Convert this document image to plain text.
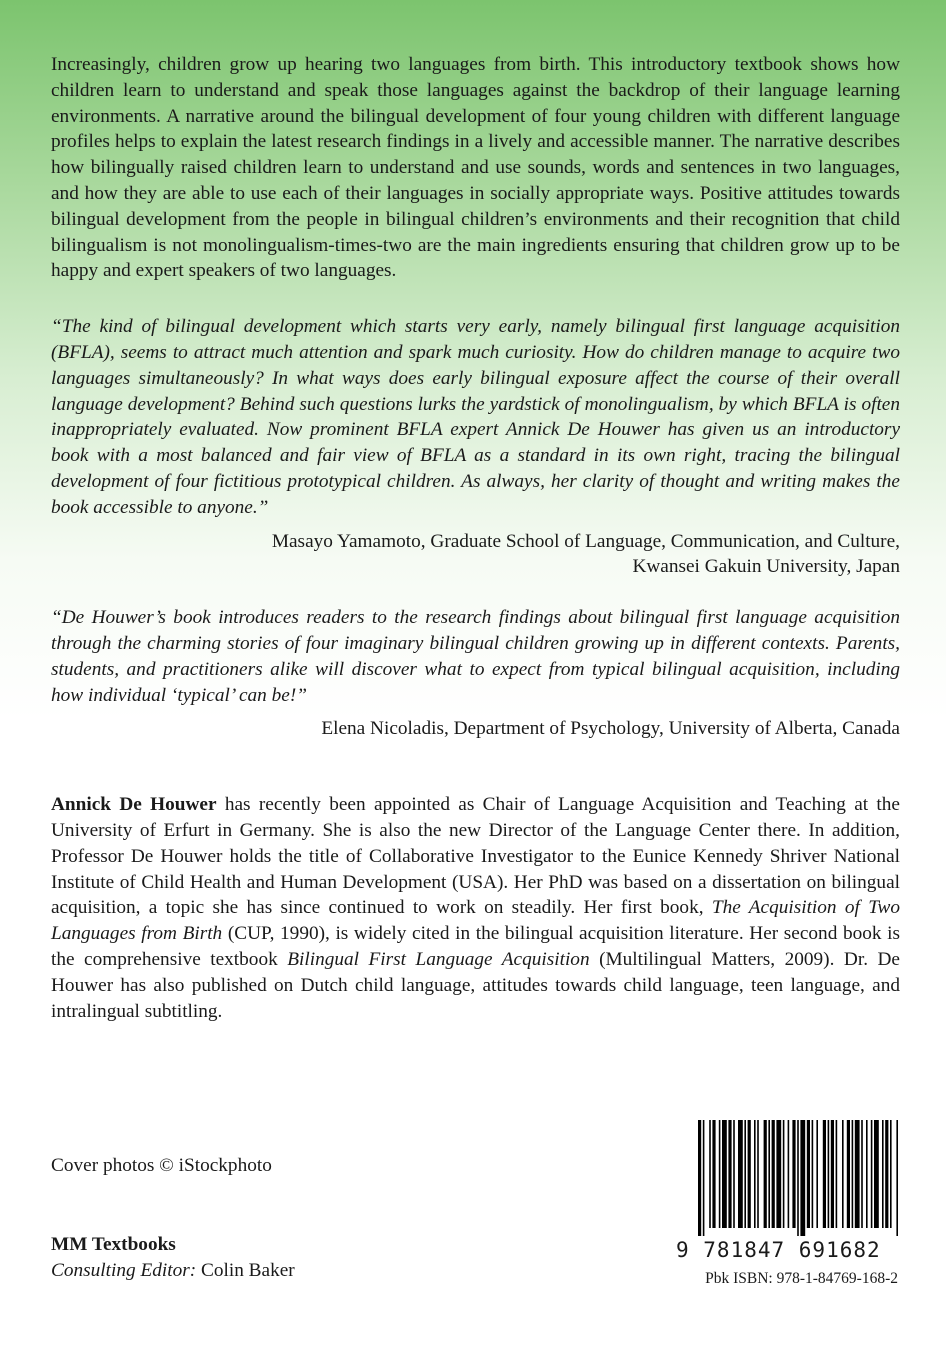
Increasingly, children grow up hearing two languages from birth. This introductory textbook shows how children learn to understand and speak those languages against the backdrop of their language learning environments. A narrative around the bilingual development of four young children with different language profiles helps to explain the latest research findings in a lively and accessible manner. The narrative describes how bilingually raised children learn to understand and use sounds, words and sentences in two languages, and how they are able to use each of their languages in socially appropriate ways. Positive attitudes towards bilingual development from the people in bilingual children’s environments and their recognition that child bilingualism is not monolingualism-times-two are the main ingredients ensuring that children grow up to be happy and expert speakers of two languages.

“The kind of bilingual development which starts very early, namely bilingual first language acquisition (BFLA), seems to attract much attention and spark much curiosity. How do children manage to acquire two languages simultaneously? In what ways does early bilingual exposure affect the course of their overall language development? Behind such questions lurks the yardstick of monolingualism, by which BFLA is often inappropriately evaluated. Now prominent BFLA expert Annick De Houwer has given us an introductory book with a most balanced and fair view of BFLA as a standard in its own right, tracing the bilingual development of four fictitious prototypical children. As always, her clarity of thought and writing makes the book accessible to anyone.”

Masayo Yamamoto, Graduate School of Language, Communication, and Culture,
Kwansei Gakuin University, Japan

“De Houwer’s book introduces readers to the research findings about bilingual first language acquisition through the charming stories of four imaginary bilingual children growing up in different contexts. Parents, students, and practitioners alike will discover what to expect from typical bilingual acquisition, including how individual ‘typical’ can be!”

Elena Nicoladis, Department of Psychology, University of Alberta, Canada

Annick De Houwer has recently been appointed as Chair of Language Acquisition and Teaching at the University of Erfurt in Germany. She is also the new Director of the Language Center there. In addition, Professor De Houwer holds the title of Collaborative Investigator to the Eunice Kennedy Shriver National Institute of Child Health and Human Development (USA). Her PhD was based on a dissertation on bilingual acquisition, a topic she has since continued to work on steadily. Her first book, The Acquisition of Two Languages from Birth (CUP, 1990), is widely cited in the bilingual acquisition literature. Her second book is the comprehensive textbook Bilingual First Language Acquisition (Multilingual Matters, 2009). Dr. De Houwer has also published on Dutch child language, attitudes towards child language, teen language, and intralingual subtitling.

Cover photos © iStockphoto
MM Textbooks
Consulting Editor: Colin Baker
9 781847 691682
Pbk ISBN: 978-1-84769-168-2
